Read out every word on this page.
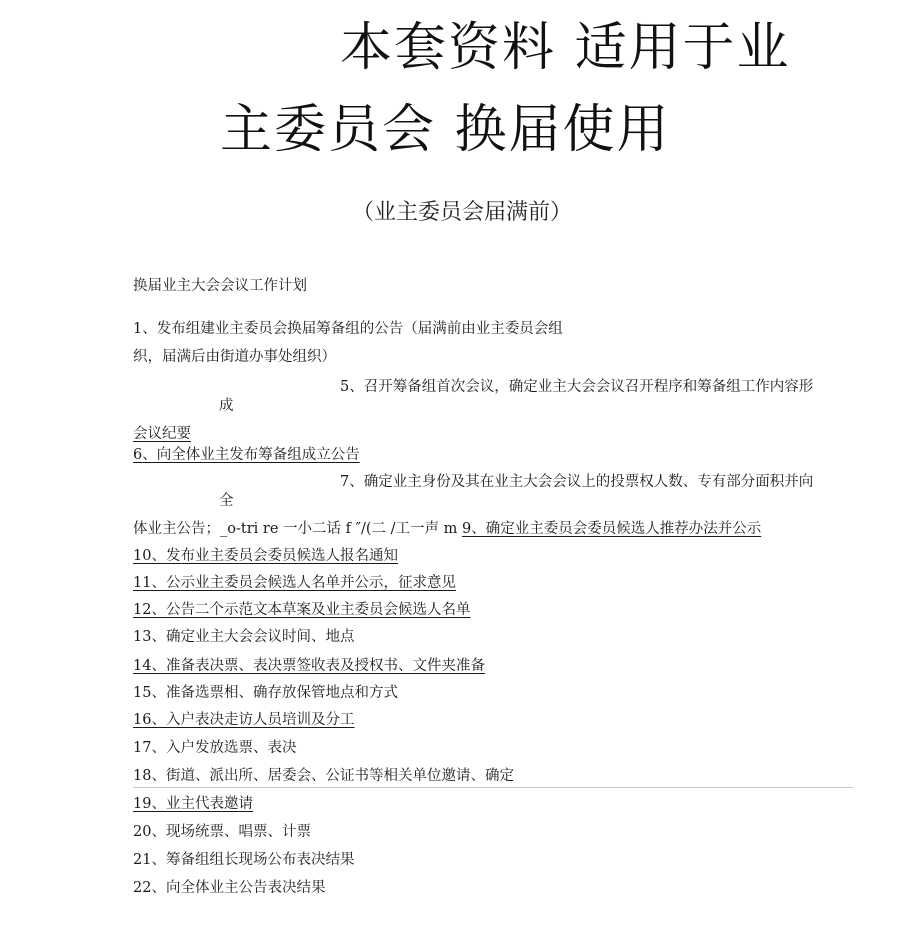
本套资料 适用于业
主委员会 换届使用
（业主委员会届满前）
换届业主大会会议工作计划
1、发布组建业主委员会换届筹备组的公告（届满前由业主委员会组
织，届满后由街道办事处组织）
5、召开筹备组首次会议，确定业主大会会议召开程序和筹备组工作内容形
成
会议纪要
6、向全体业主发布筹备组成立公告
7、确定业主身份及其在业主大会会议上的投票权人数、专有部分面积并向
全
体业主公告；_o-tri re 一小二话 f ″/(二 /工一声 m 9、确定业主委员会委员候选人推荐办法并公示
10、发布业主委员会委员候选人报名通知
11、公示业主委员会候选人名单并公示，征求意见
12、公告二个示范文本草案及业主委员会候选人名单
13、确定业主大会会议时间、地点
14、准备表决票、表决票签收表及授权书、文件夹准备
15、准备选票相、确存放保管地点和方式
16、入户表决走访人员培训及分工
17、入户发放选票、表决
18、街道、派出所、居委会、公证书等相关单位邀请、确定
19、业主代表邀请
20、现场统票、唱票、计票
21、筹备组组长现场公布表决结果
22、向全体业主公告表决结果
